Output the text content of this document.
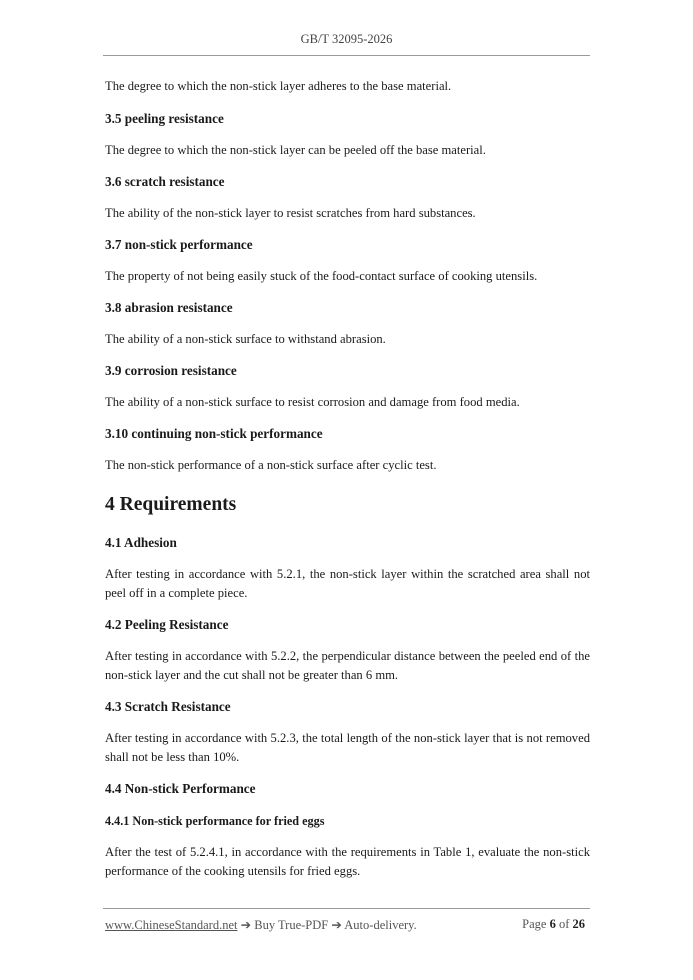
GB/T 32095-2026

The degree to which the non-stick layer adheres to the base material.

3.5 peeling resistance

The degree to which the non-stick layer can be peeled off the base material.

3.6 scratch resistance

The ability of the non-stick layer to resist scratches from hard substances.

3.7 non-stick performance

The property of not being easily stuck of the food-contact surface of cooking utensils.

3.8 abrasion resistance

The ability of a non-stick surface to withstand abrasion.

3.9 corrosion resistance

The ability of a non-stick surface to resist corrosion and damage from food media.

3.10 continuing non-stick performance

The non-stick performance of a non-stick surface after cyclic test.

4 Requirements

4.1 Adhesion

After testing in accordance with 5.2.1, the non-stick layer within the scratched area shall not peel off in a complete piece.

4.2 Peeling Resistance

After testing in accordance with 5.2.2, the perpendicular distance between the peeled end of the non-stick layer and the cut shall not be greater than 6 mm.

4.3 Scratch Resistance

After testing in accordance with 5.2.3, the total length of the non-stick layer that is not removed shall not be less than 10%.

4.4 Non-stick Performance

4.4.1 Non-stick performance for fried eggs

After the test of 5.2.4.1, in accordance with the requirements in Table 1, evaluate the non-stick performance of the cooking utensils for fried eggs.

www.ChineseStandard.net ➔ Buy True-PDF ➔ Auto-delivery.	Page 6 of 26
